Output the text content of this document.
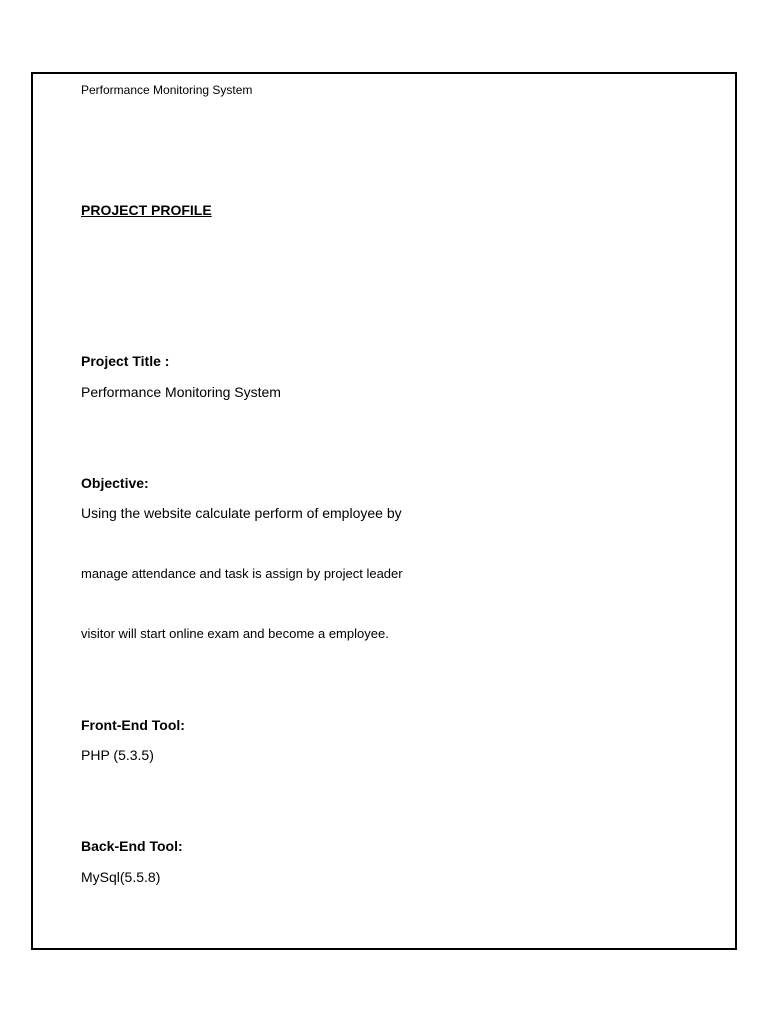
Performance Monitoring System

PROJECT PROFILE

Project Title :

Performance Monitoring System

Objective:

Using the website calculate perform of employee by

manage attendance and task is assign by project leader

visitor will start online exam and become a employee.

Front-End Tool:

PHP (5.3.5)

Back-End Tool:

MySql(5.5.8)
